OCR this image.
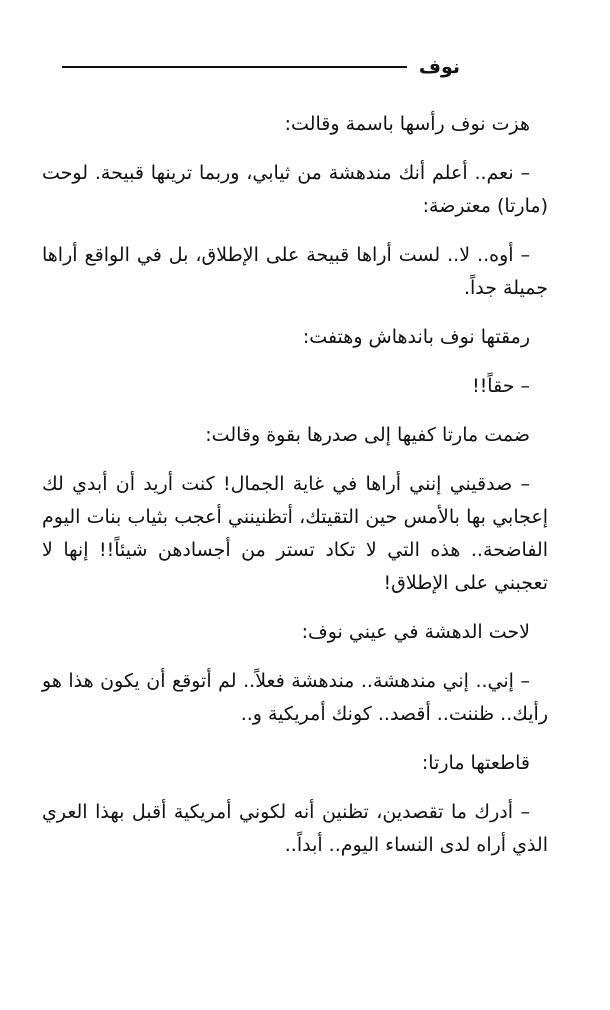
نوف

هزت نوف رأسها باسمة وقالت:

– نعم.. أعلم أنك مندهشة من ثيابي، وربما ترينها قبيحة. لوحت (مارتا) معترضة:

– أوه.. لا.. لست أراها قبيحة على الإطلاق، بل في الواقع أراها جميلة جداً.

رمقتها نوف باندهاش وهتفت:

– حقاً!!

ضمت مارتا كفيها إلى صدرها بقوة وقالت:

– صدقيني إنني أراها في غاية الجمال! كنت أريد أن أبدي لك إعجابي بها بالأمس حين التقيتك، أتظنينني أعجب بثياب بنات اليوم الفاضحة.. هذه التي لا تكاد تستر من أجسادهن شيئاً!! إنها لا تعجبني على الإطلاق!

لاحت الدهشة في عيني نوف:

– إني.. إني مندهشة.. مندهشة فعلاً.. لم أتوقع أن يكون هذا هو رأيك.. ظننت.. أقصد.. كونك أمريكية و..

قاطعتها مارتا:

– أدرك ما تقصدين، تظنين أنه لكوني أمريكية أقبل بهذا العري الذي أراه لدى النساء اليوم.. أبداً..
